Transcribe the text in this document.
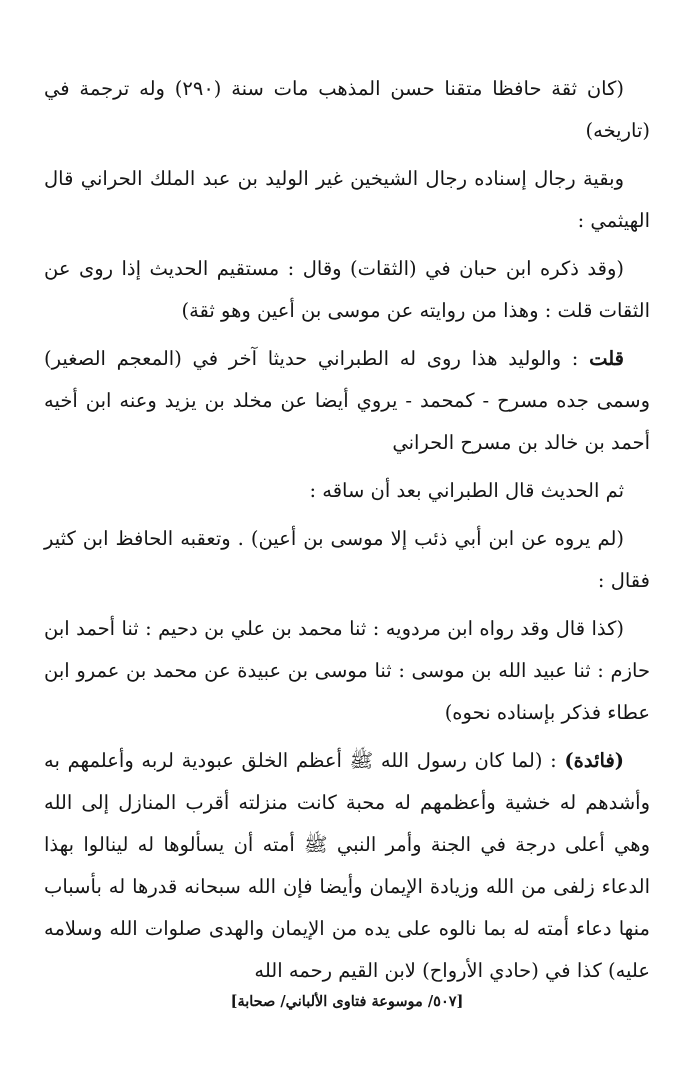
(كان ثقة حافظا متقنا حسن المذهب مات سنة (٢٩٠) وله ترجمة في (تاريخه)

وبقية رجال إسناده رجال الشيخين غير الوليد بن عبد الملك الحراني قال الهيثمي :

(وقد ذكره ابن حبان في (الثقات) وقال : مستقيم الحديث إذا روى عن الثقات قلت : وهذا من روايته عن موسى بن أعين وهو ثقة)

قلت : والوليد هذا روى له الطبراني حديثا آخر في (المعجم الصغير) وسمى جده مسرح - كمحمد - يروي أيضا عن مخلد بن يزيد وعنه ابن أخيه أحمد بن خالد بن مسرح الحراني

ثم الحديث قال الطبراني بعد أن ساقه :

(لم يروه عن ابن أبي ذئب إلا موسى بن أعين) . وتعقبه الحافظ ابن كثير فقال :

(كذا قال وقد رواه ابن مردويه : ثنا محمد بن علي بن دحيم : ثنا أحمد ابن حازم : ثنا عبيد الله بن موسى : ثنا موسى بن عبيدة عن محمد بن عمرو ابن عطاء فذكر بإسناده نحوه)

(فائدة) : (لما كان رسول الله ﷺ أعظم الخلق عبودية لربه وأعلمهم به وأشدهم له خشية وأعظمهم له محبة كانت منزلته أقرب المنازل إلى الله وهي أعلى درجة في الجنة وأمر النبي ﷺ أمته أن يسألوها له لينالوا بهذا الدعاء زلفى من الله وزيادة الإيمان وأيضا فإن الله سبحانه قدرها له بأسباب منها دعاء أمته له بما نالوه على يده من الإيمان والهدى صلوات الله وسلامه عليه) كذا في (حادي الأرواح) لابن القيم رحمه الله

[٥٠٧/ موسوعة فتاوى الألباني/ صحابة]
